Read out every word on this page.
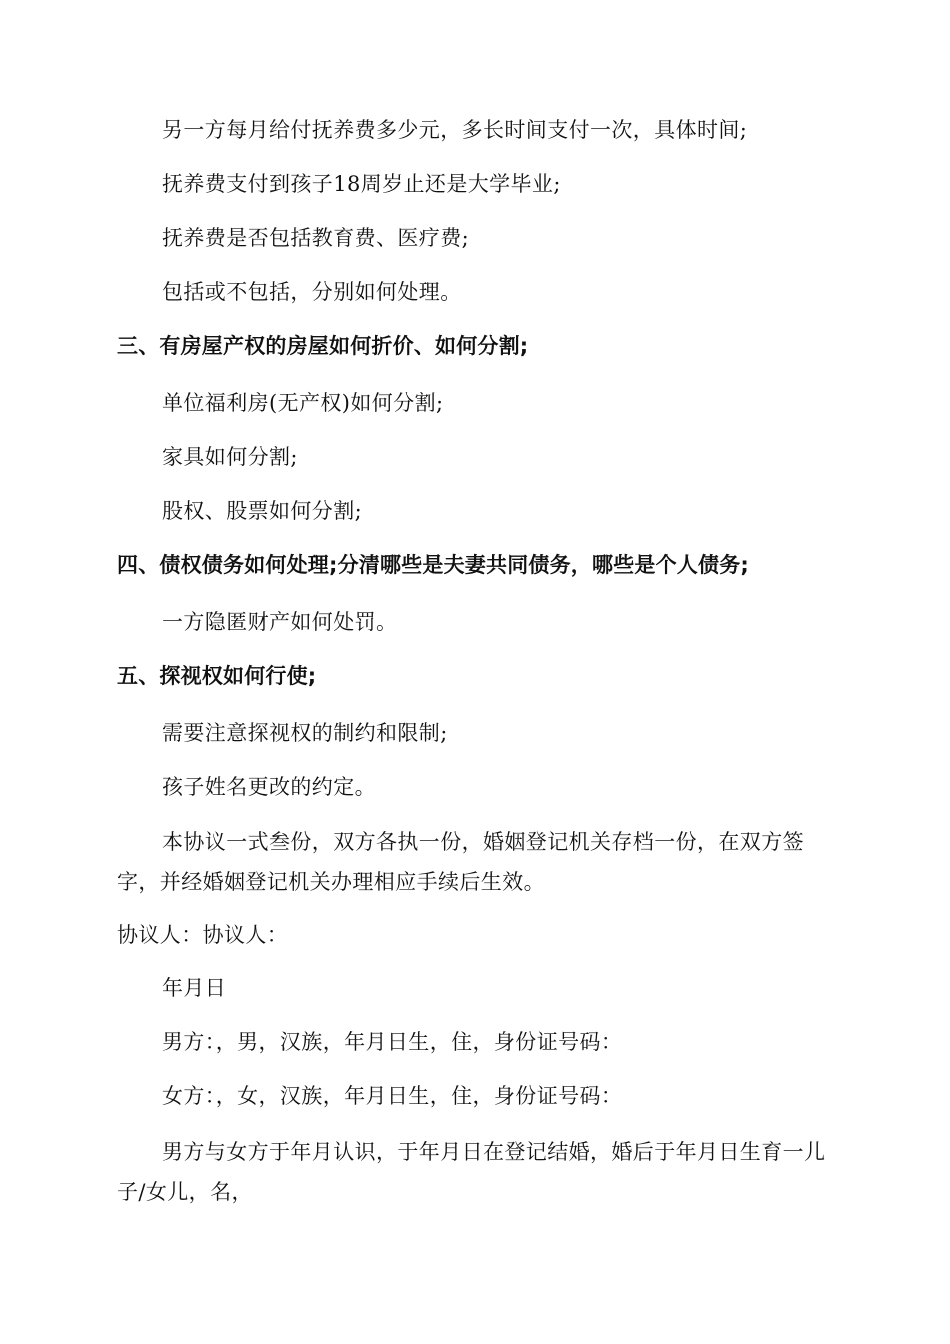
另一方每月给付抚养费多少元，多长时间支付一次，具体时间;
抚养费支付到孩子18周岁止还是大学毕业;
抚养费是否包括教育费、医疗费;
包括或不包括，分别如何处理。
三、有房屋产权的房屋如何折价、如何分割;
单位福利房(无产权)如何分割;
家具如何分割;
股权、股票如何分割;
四、债权债务如何处理;分清哪些是夫妻共同债务，哪些是个人债务;
一方隐匿财产如何处罚。
五、探视权如何行使;
需要注意探视权的制约和限制;
孩子姓名更改的约定。
本协议一式叁份，双方各执一份，婚姻登记机关存档一份，在双方签字，并经婚姻登记机关办理相应手续后生效。
协议人：协议人：
年月日
男方：，男，汉族，年月日生，住，身份证号码：
女方：，女，汉族，年月日生，住，身份证号码：
男方与女方于年月认识，于年月日在登记结婚，婚后于年月日生育一儿子/女儿，名，
